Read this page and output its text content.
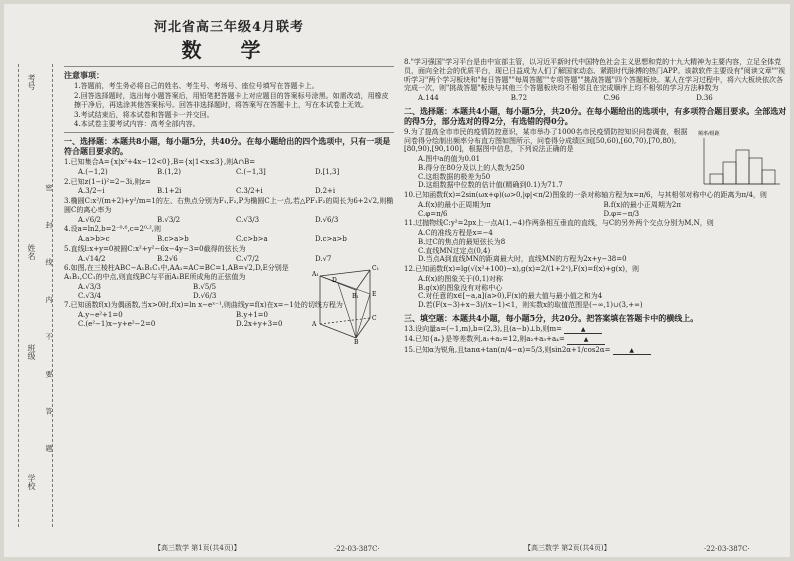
考号
姓名
班级
学校
密 封 线 内 不 要 答 题
河北省高三年级4月联考
数 学
注意事项：
1.答题前，考生务必将自己的姓名、考生号、考场号、座位号填写在答题卡上。
2.回答选择题时，选出每小题答案后，用铅笔把答题卡上对应题目的答案标号涂黑。如需改动，用橡皮擦干净后，再选涂其他答案标号。回答非选择题时，将答案写在答题卡上，写在本试卷上无效。
3.考试结束后，将本试卷和答题卡一并交回。
4.本试卷主要考试内容：高考全部内容。
一、选择题：本题共8小题，每小题5分，共40分。在每小题给出的四个选项中，只有一项是符合题目要求的。
1.已知集合A={x|x²+4x−12<0},B={x|1<x≤3},则A∩B=
A.(−1,2)	B.(1,2)	C.(−1,3]	D.[1,3]
2.已知z(1−i)²=2−3i,则z=
A.3/2−i	B.1+2i	C.3/2+i	D.2+i
3.椭圆C:x²/(m+2)+y²/m=1的左、右焦点分别为F₁,F₂,P为椭圆C上一点,若△PF₁F₂的周长为6+2√2,则椭圆C的离心率为
A.√6/2	B.√3/2	C.√3/3	D.√6/3
4.设a=ln2,b=2⁻⁰·⁶,c=2⁰·²,则
A.a>b>c	B.c>a>b	C.c>b>a	D.c>a>b
5.直线l:x+y=0被圆C:x²+y²−6x−4y−3=0截得的弦长为
A.√14/2	B.2√6	C.√7/2	D.√7
6.如图,在三棱柱ABC−A₁B₁C₁中,AA₁=AC=BC=1,AB=√2,D,E分别是A₁B₁,CC₁的中点,则直线BC与平面A₁BE所成角的正弦值为
A.√3/3	B.√5/5
C.√3/4	D.√6/3
C₁
A₁
B₁
D
E
C
A
B
7.已知函数f(x)为偶函数,当x>0时,f(x)=ln x−eˣ⁻¹,则曲线y=f(x)在x=−1处的切线方程为
A.y−e²+1=0	B.y+1=0
C.(e²−1)x−y+e²−2=0	D.2x+y+3=0
【高三数学 第1页(共4页)】	·22-03-387C·
8."学习强国"学习平台是由中宣部主管，以习近平新时代中国特色社会主义思想和党的十九大精神为主要内容，立足全体党员，面向全社会的优质平台，现已日益成为人们了解国家动态、紧跟时代脉搏的热门APP。该款软件主要设有"阅读文章""视听学习"两个学习板块和"每日答题""每周答题""专项答题""挑战答题"四个答题板块。某人在学习过程中，将六大板块依次各完成一次，则"挑战答题"板块与其他三个答题板块均不相邻且在完成顺序上均不相邻的学习方法种数为
A.144	B.72	C.96	D.36
二、选择题：本题共4小题，每小题5分，共20分。在每小题给出的选项中，有多项符合题目要求。全部选对的得5分，部分选对的得2分，有选错的得0分。
9.为了提高全市市民的疫情防控意识，某市举办了1000名市民疫情防控知识问卷调查，根据问卷得分绘制出频率分布直方图如图所示，问卷得分成绩区间[50,60),[60,70),[70,80),[80,90),[90,100]，根据图中信息，下列说法正确的是
A.图中a的值为0.01
B.得分在80分及以上的人数为250
C.这组数据的极差为50
D.这组数据中位数的估计值(精确到0.1)为71.7
频率/组距
10.已知函数f(x)=2sin(ωx+φ)(ω>0,|φ|<π/2)图象的一条对称轴方程为x=π/6，与其相邻对称中心的距离为π/4，则
A.f(x)的最小正周期为π	B.f(x)的最小正周期为2π
C.φ=π/6	D.φ=−π/3
11.过抛物线C:y²=2px上一点A(1,−4)作两条相互垂直的直线，与C的另外两个交点分别为M,N，则
A.C的准线方程是x=−4
B.过C的焦点的最短弦长为8
C.直线MN过定点(0,4)
D.当点A到直线MN的距离最大时，直线MN的方程为2x+y−38=0
12.已知函数f(x)=lg(√(x²+100)−x),g(x)=2/(1+2ˣ),F(x)=f(x)+g(x)，则
A.f(x)的图象关于(0,1)对称
B.g(x)的图象没有对称中心
C.对任意的x∈[−a,a](a>0),F(x)的最大值与最小值之和为4
D.若(F(x−3)+x−3)/(x−1)<1，则实数x的取值范围是(−∞,1)∪(3,+∞)
三、填空题：本题共4小题，每小题5分，共20分。把答案填在答题卡中的横线上。
13.设向量a=(−1,m),b=(2,3),且(a−b)⊥b,则m=	▲
14.已知{aₙ}是等差数列,a₁+a₂=12,则a₂+a₃+a₄=	▲
15.已知α为锐角,且tanα+tan(π/4−α)=5/3,则sin2α+1/cos2α=	▲
【高三数学 第2页(共4页)】	·22-03-387C·
